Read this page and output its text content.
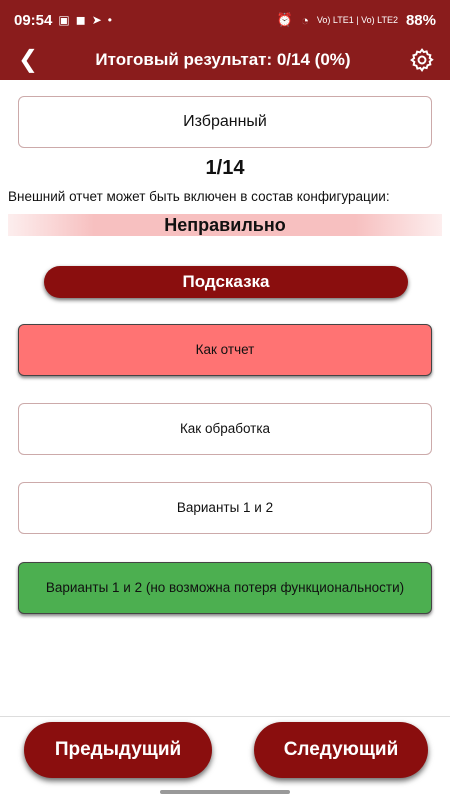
09:54 ▣ ◼ ➤ •	⏰ ◔ Vo) LTE1 | Vo) LTE2 88%
❮	Итоговый результат: 0/14 (0%)
Избранный
1/14
Внешний отчет может быть включен в состав конфигурации:
Неправильно
Подсказка
Как отчет
Как обработка
Варианты 1 и 2
Варианты 1 и 2 (но возможна потеря функциональности)
Предыдущий	Следующий
